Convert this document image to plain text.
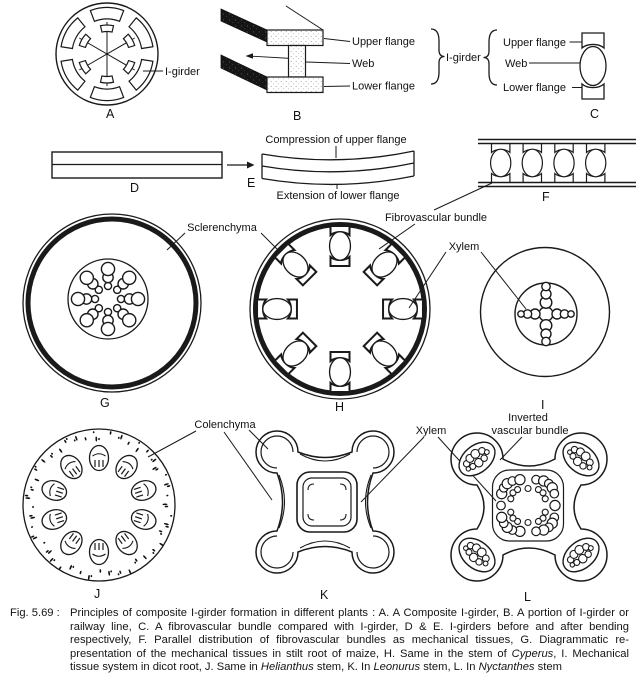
I-girder
A
Upper flange
Web
Lower flange
B
I-girder
Upper flange
Web
Lower flange
C
D
Compression of upper flange
Extension of lower flange
E
F
Fibrovascular bundle
G
Sclerenchyma
H
Xylem
I
J
Colenchyma
K
Xylem
Inverted
vascular bundle
L
Fig. 5.69 : Principles of composite I-girder formation in different plants : A. A Composite I-girder, B. A portion of I-girder or railway line, C. A fibrovascular bundle compared with I-girder, D & E. I-girders before and after bending respectively, F. Parallel distribution of fibrovascular bundles as mechanical tissues, G. Diagrammatic re-presentation of the mechanical tissues in stilt root of maize, H. Same in the stem of Cyperus, I. Mechanical tissue system in dicot root, J. Same in Helianthus stem, K. In Leonurus stem, L. In Nyctanthes stem
